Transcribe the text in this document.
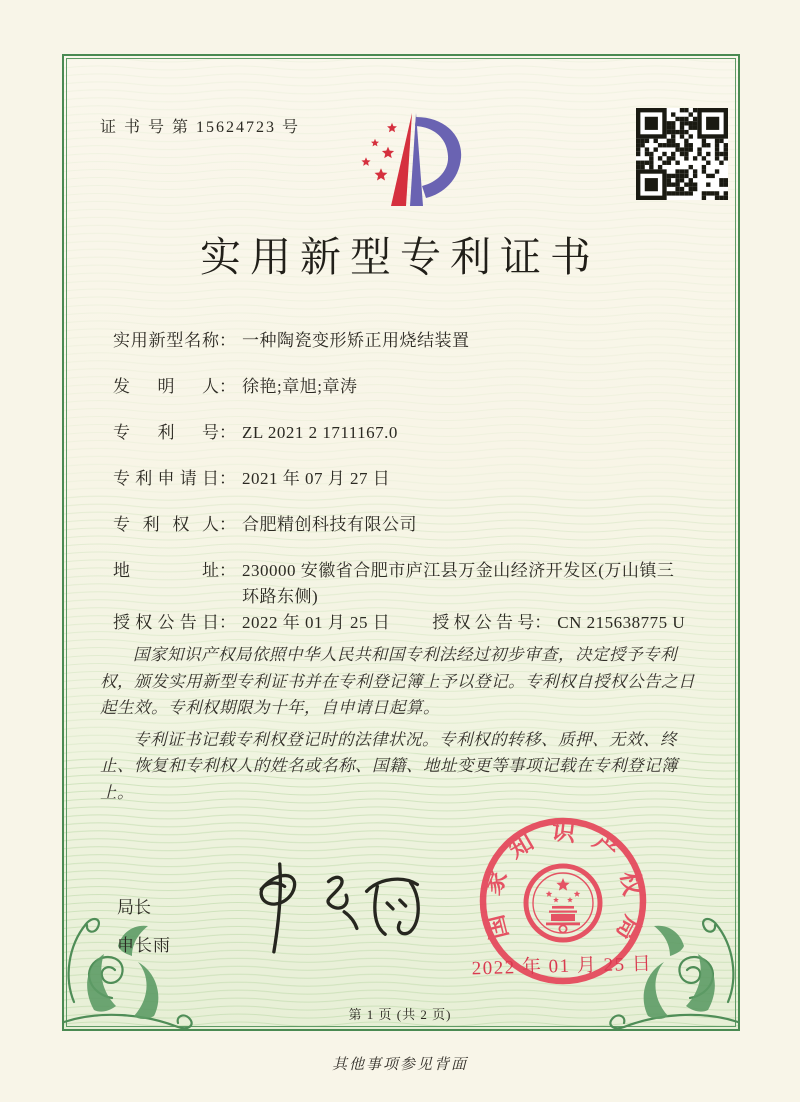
证 书 号 第 15624723 号
实用新型专利证书
实用新型名称： 一种陶瓷变形矫正用烧结装置
发明人： 徐艳;章旭;章涛
专利号： ZL 2021 2 1711167.0
专利申请日： 2021 年 07 月 27 日
专利权人： 合肥精创科技有限公司
地址： 230000 安徽省合肥市庐江县万金山经济开发区(万山镇三
环路东侧)
授权公告日： 2022 年 01 月 25 日 授权公告号： CN 215638775 U

国家知识产权局依照中华人民共和国专利法经过初步审查，决定授予专利权，颁发实用新型专利证书并在专利登记簿上予以登记。专利权自授权公告之日起生效。专利权期限为十年，自申请日起算。

专利证书记载专利权登记时的法律状况。专利权的转移、质押、无效、终止、恢复和专利权人的姓名或名称、国籍、地址变更等事项记载在专利登记簿上。

局长
申长雨
国家知识产权局
2022 年 01 月 25 日
第 1 页 (共 2 页)
其他事项参见背面
